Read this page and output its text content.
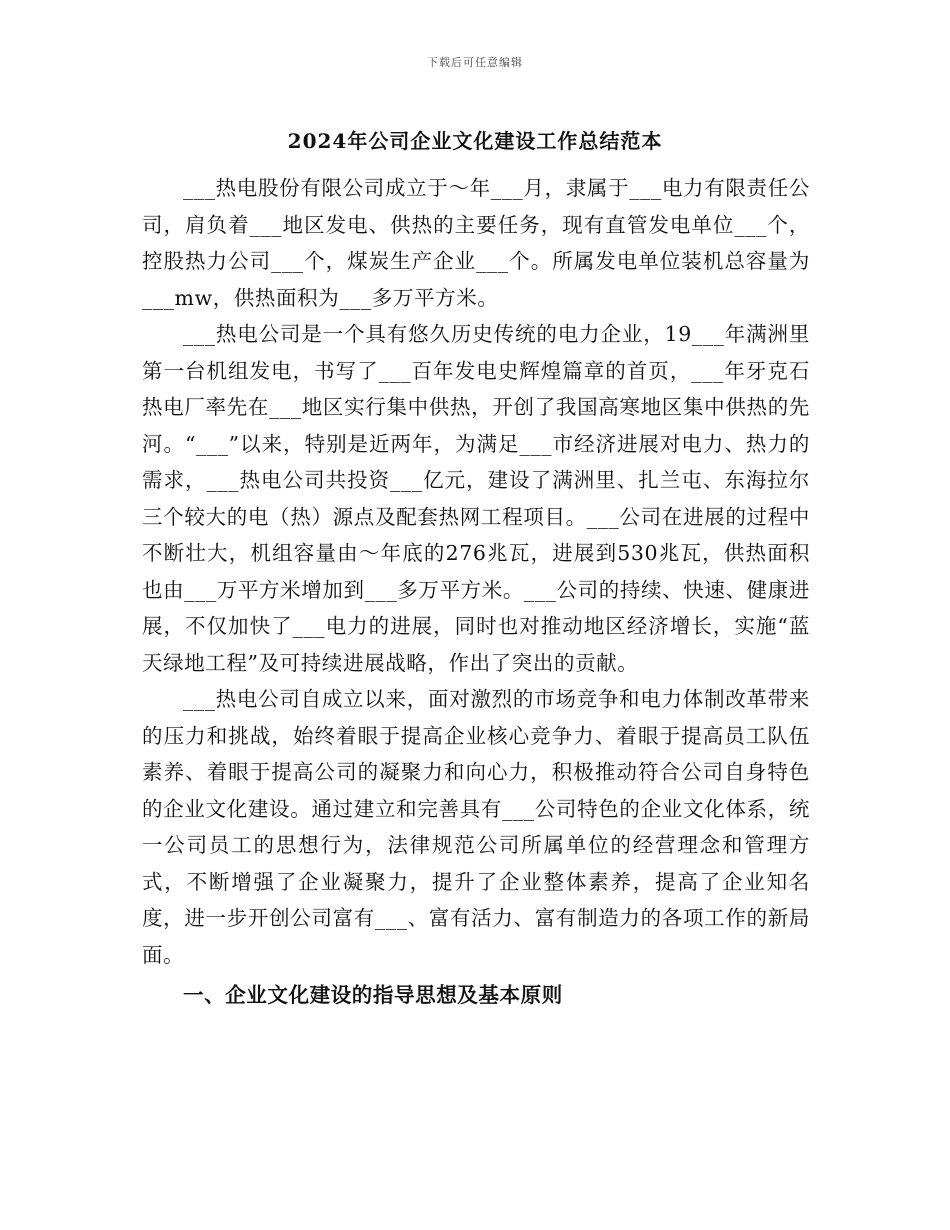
下载后可任意编辑
2024年公司企业文化建设工作总结范本

___热电股份有限公司成立于～年___月，隶属于___电力有限责任公司，肩负着___地区发电、供热的主要任务，现有直管发电单位___个，控股热力公司___个，煤炭生产企业___个。所属发电单位装机总容量为___mw，供热面积为___多万平方米。

___热电公司是一个具有悠久历史传统的电力企业，19___年满洲里第一台机组发电，书写了___百年发电史辉煌篇章的首页，___年牙克石热电厂率先在___地区实行集中供热，开创了我国高寒地区集中供热的先河。“___”以来，特别是近两年，为满足___市经济进展对电力、热力的需求，___热电公司共投资___亿元，建设了满洲里、扎兰屯、东海拉尔三个较大的电（热）源点及配套热网工程项目。___公司在进展的过程中不断壮大，机组容量由～年底的276兆瓦，进展到530兆瓦，供热面积也由___万平方米增加到___多万平方米。___公司的持续、快速、健康进展，不仅加快了___电力的进展，同时也对推动地区经济增长，实施“蓝天绿地工程”及可持续进展战略，作出了突出的贡献。

___热电公司自成立以来，面对激烈的市场竞争和电力体制改革带来的压力和挑战，始终着眼于提高企业核心竞争力、着眼于提高员工队伍素养、着眼于提高公司的凝聚力和向心力，积极推动符合公司自身特色的企业文化建设。通过建立和完善具有___公司特色的企业文化体系，统一公司员工的思想行为，法律规范公司所属单位的经营理念和管理方式，不断增强了企业凝聚力，提升了企业整体素养，提高了企业知名度，进一步开创公司富有___、富有活力、富有制造力的各项工作的新局面。

一、企业文化建设的指导思想及基本原则
